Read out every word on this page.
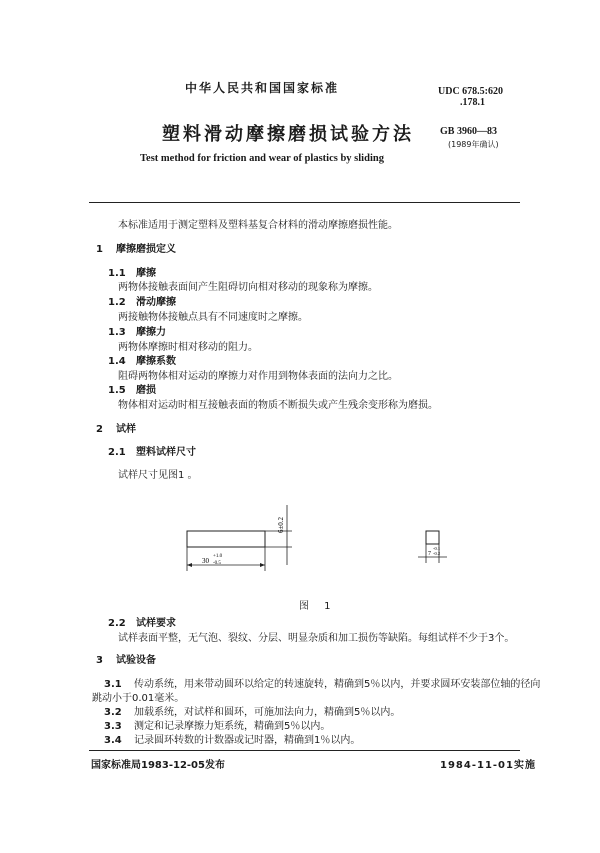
中华人民共和国国家标准
塑料滑动摩擦磨损试验方法
Test method for friction and wear of plastics by sliding
UDC 678.5:620
.178.1
GB 3960—83
(1989年确认)
本标准适用于测定塑料及塑料基复合材料的滑动摩擦磨损性能。
1 摩擦磨损定义
1.1 摩擦
两物体接触表面间产生阻碍切向相对移动的现象称为摩擦。
1.2 滑动摩擦
两接触物体接触点具有不同速度时之摩擦。
1.3 摩擦力
两物体摩擦时相对移动的阻力。
1.4 摩擦系数
阻碍两物体相对运动的摩擦力对作用到物体表面的法向力之比。
1.5 磨损
物体相对运动时相互接触表面的物质不断损失或产生残余变形称为磨损。
2 试样
2.1 塑料试样尺寸
试样尺寸见图1 。
6±0.2
30
+1.0
-0.5
7
-0.1
-0.2
图 1
2.2 试样要求
试样表面平整，无气泡、裂纹、分层、明显杂质和加工损伤等缺陷。每组试样不少于3个。
3 试验设备
3.1 传动系统，用来带动圆环以给定的转速旋转，精确到5％以内，并要求圆环安装部位轴的径向
跳动小于0.01毫米。
3.2 加载系统，对试样和圆环，可施加法向力，精确到5％以内。
3.3 测定和记录摩擦力矩系统，精确到5％以内。
3.4 记录圆环转数的计数器或记时器，精确到1％以内。
国家标准局1983-12-05发布	1984-11-01实施
